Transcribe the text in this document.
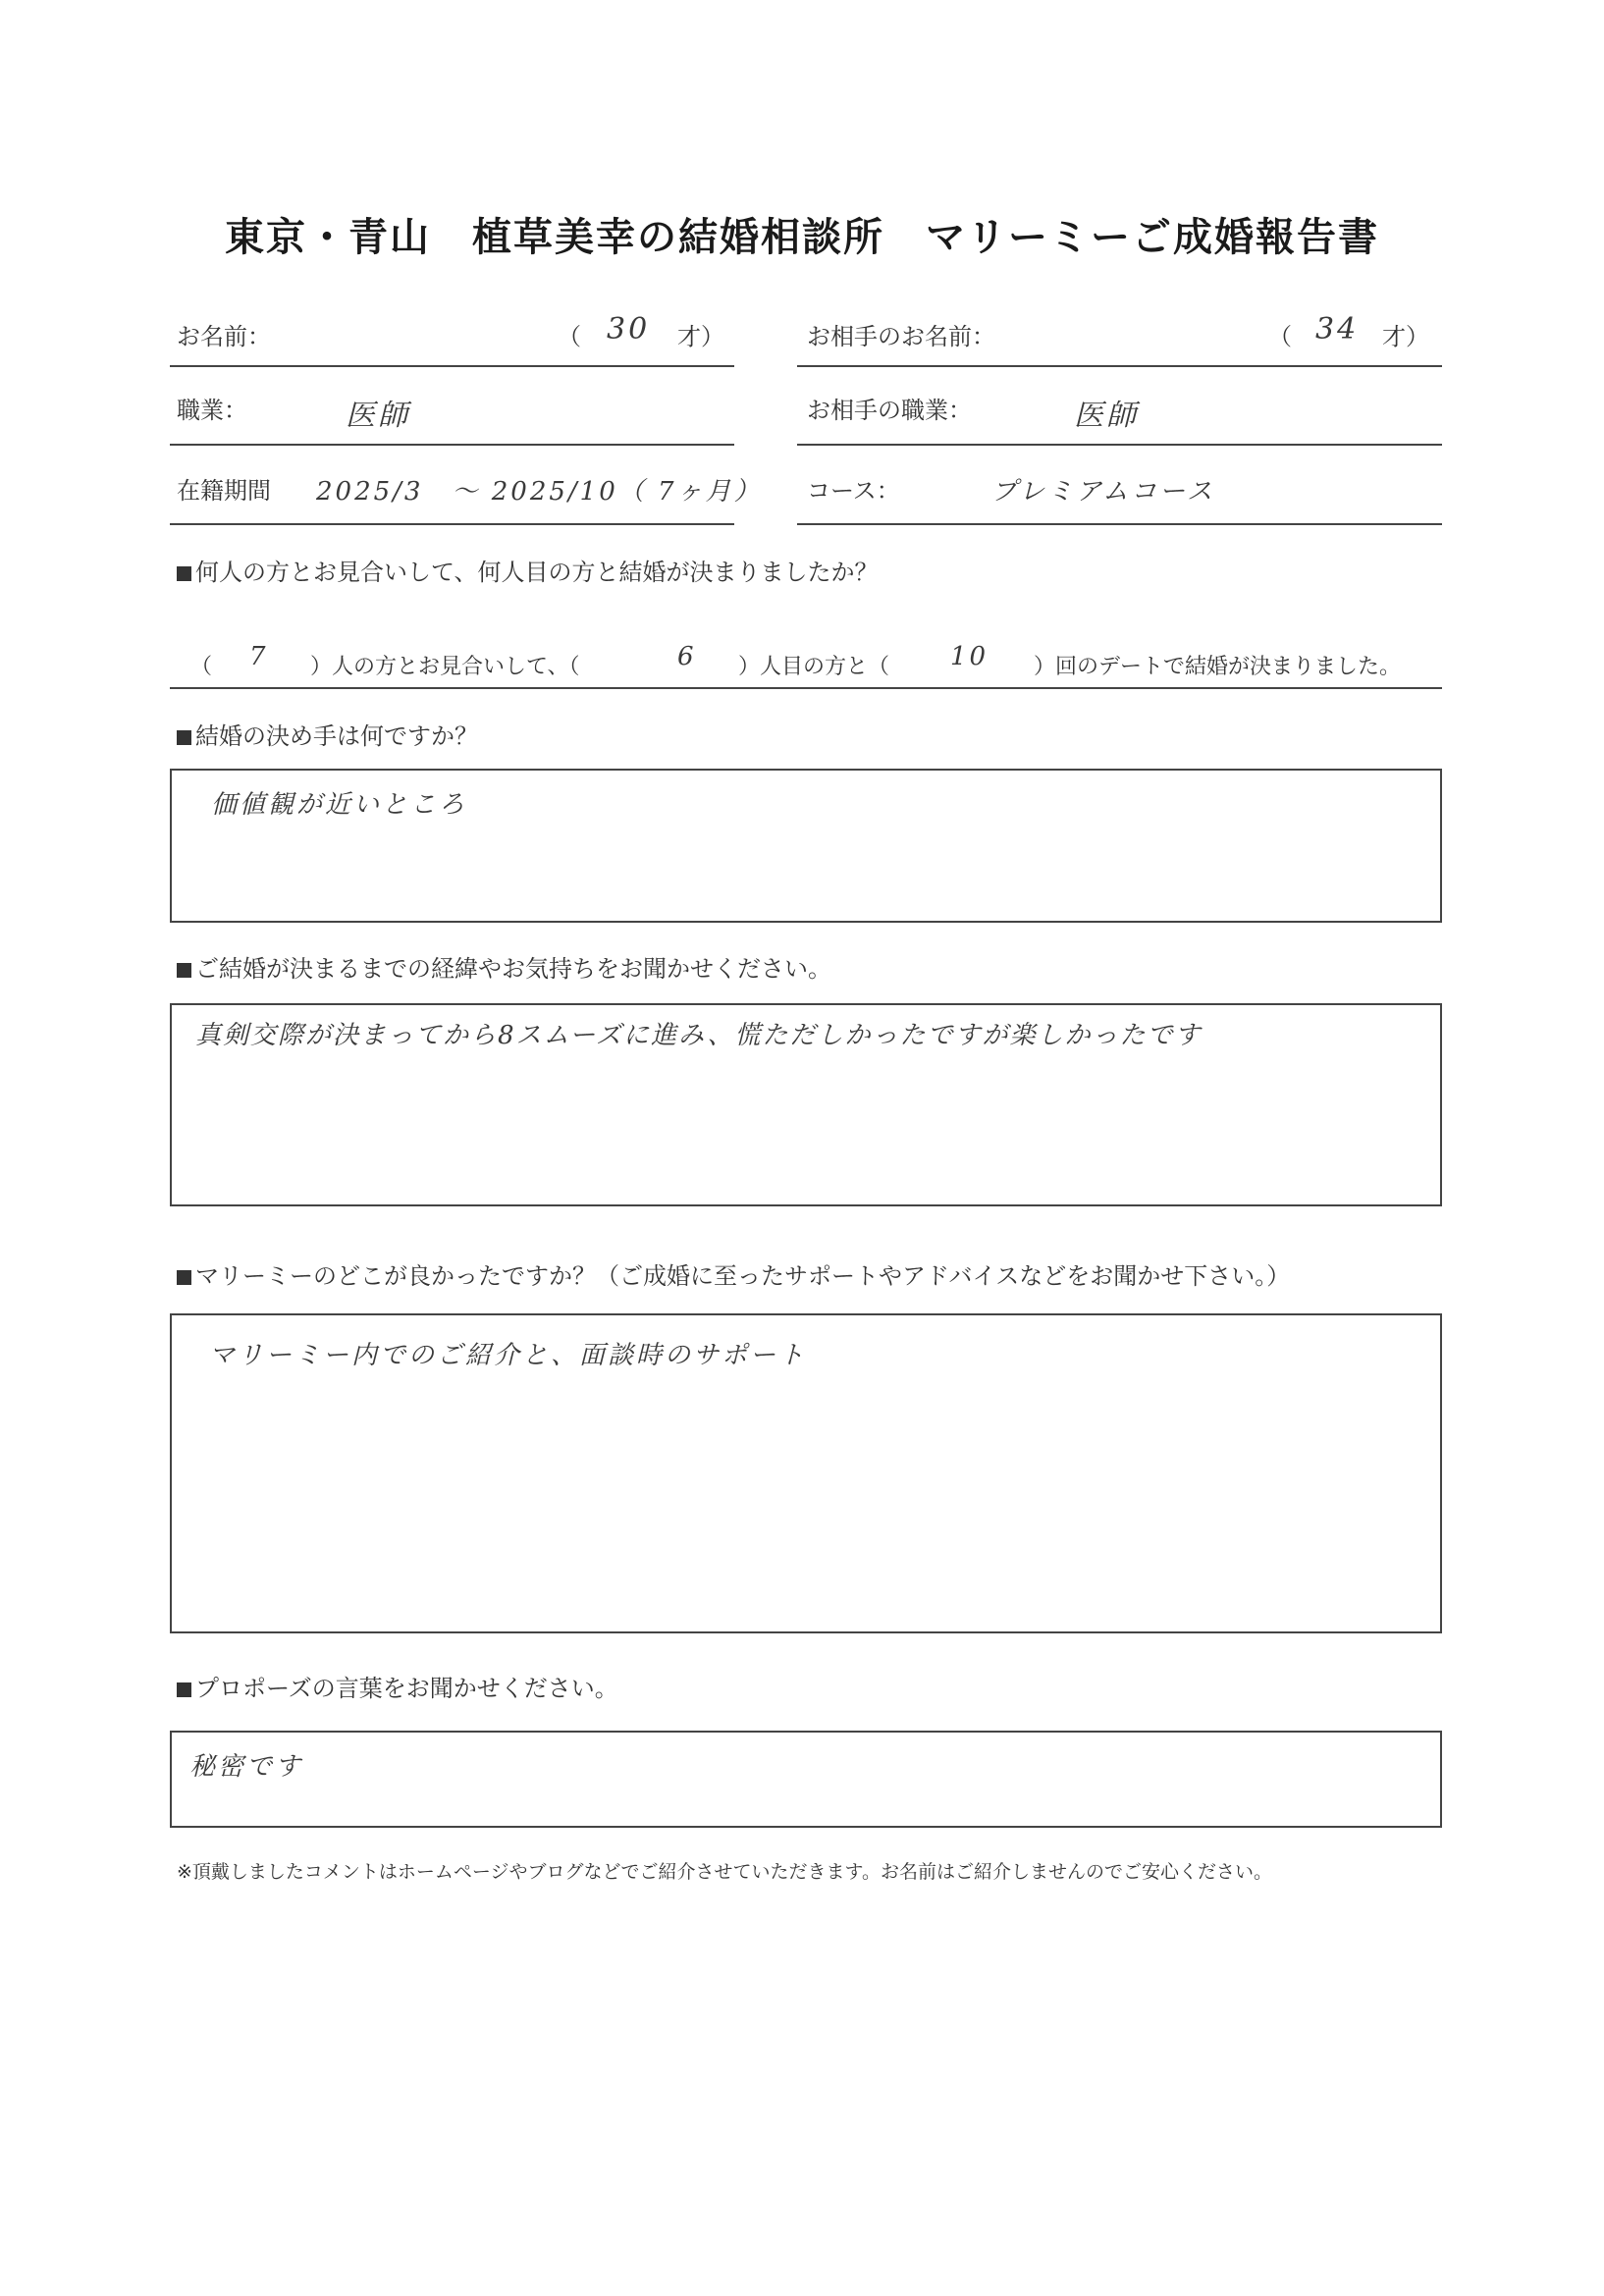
東京・青山　植草美幸の結婚相談所　マリーミーご成婚報告書
お名前：	（ 30 才）	お相手のお名前：	（ 34 才）
職業：	医師	お相手の職業：	医師
在籍期間 2025/3　〜 2025/10（ 7ヶ月） コース：	プレミアムコース
何人の方とお見合いして、何人目の方と結婚が決まりましたか？
（ 7 ）人の方とお見合いして、（	6 ）人目の方と（ 10 ）回のデートで結婚が決まりました。
結婚の決め手は何ですか？
価値観が近いところ
ご結婚が決まるまでの経緯やお気持ちをお聞かせください。
真剣交際が決まってから8スムーズに進み、慌ただしかったですが楽しかったです
マリーミーのどこが良かったですか？（ご成婚に至ったサポートやアドバイスなどをお聞かせ下さい。）
マリーミー内でのご紹介と、面談時のサポート
プロポーズの言葉をお聞かせください。
秘密です
※頂戴しましたコメントはホームページやブログなどでご紹介させていただきます。お名前はご紹介しませんのでご安心ください。
